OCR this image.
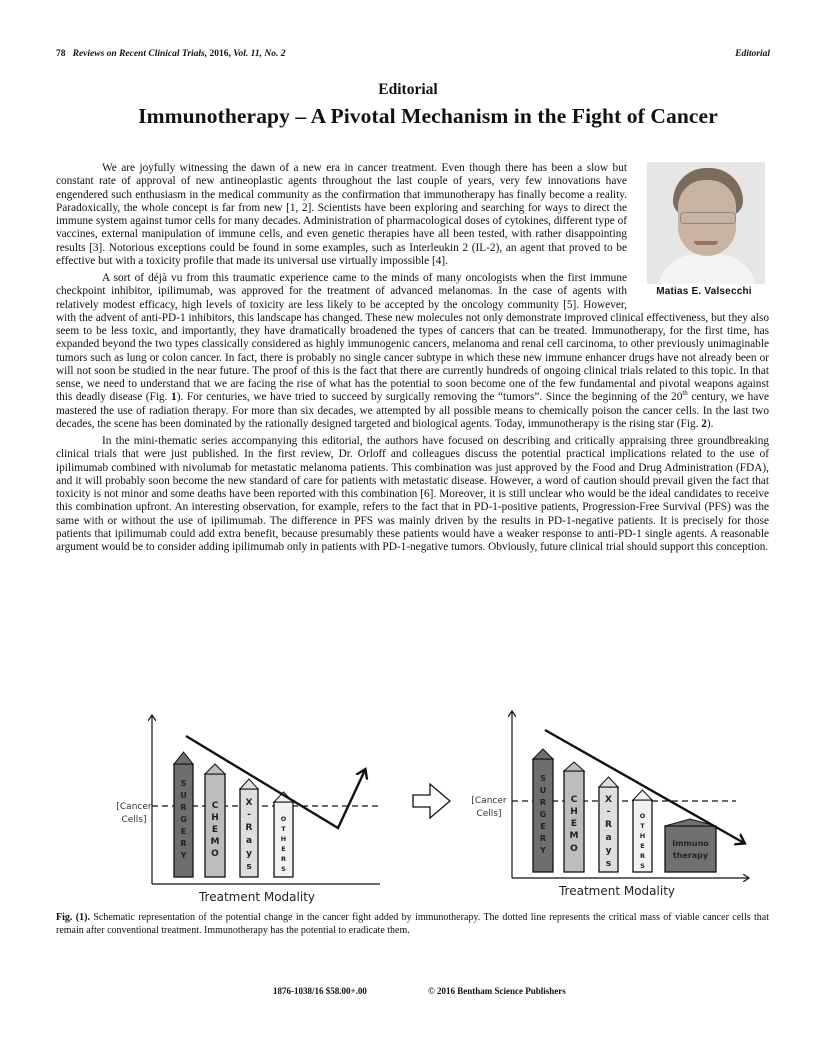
78 Reviews on Recent Clinical Trials, 2016, Vol. 11, No. 2	Editorial
Editorial
Immunotherapy – A Pivotal Mechanism in the Fight of Cancer
Matias E. Valsecchi

We are joyfully witnessing the dawn of a new era in cancer treatment. Even though there has been a slow but constant rate of approval of new antineoplastic agents throughout the last couple of years, very few innovations have engendered such enthusiasm in the medical community as the confirmation that immunotherapy has finally become a reality. Paradoxically, the whole concept is far from new [1, 2]. Scientists have been exploring and searching for ways to direct the immune system against tumor cells for many decades. Administration of pharmacological doses of cytokines, different type of vaccines, external manipulation of immune cells, and even genetic therapies have all been tested, with rather disappointing results [3]. Notorious exceptions could be found in some examples, such as Interleukin 2 (IL-2), an agent that proved to be effective but with a toxicity profile that made its universal use virtually impossible [4].

A sort of déjà vu from this traumatic experience came to the minds of many oncologists when the first immune checkpoint inhibitor, ipilimumab, was approved for the treatment of advanced melanomas. In the case of agents with relatively modest efficacy, high levels of toxicity are less likely to be accepted by the oncology community [5]. However, with the advent of anti-PD-1 inhibitors, this landscape has changed. These new molecules not only demonstrate improved clinical effectiveness, but they also seem to be less toxic, and importantly, they have dramatically broadened the types of cancers that can be treated. Immunotherapy, for the first time, has expanded beyond the two types classically considered as highly immunogenic cancers, melanoma and renal cell carcinoma, to other previously unimaginable tumors such as lung or colon cancer. In fact, there is probably no single cancer subtype in which these new immune enhancer drugs have not already been or will not soon be studied in the near future. The proof of this is the fact that there are currently hundreds of ongoing clinical trials related to this topic. In that sense, we need to understand that we are facing the rise of what has the potential to soon become one of the few fundamental and pivotal weapons against this deadly disease (Fig. 1). For centuries, we have tried to succeed by surgically removing the “tumors”. Since the beginning of the 20th century, we have mastered the use of radiation therapy. For more than six decades, we attempted by all possible means to chemically poison the cancer cells. In the last two decades, the scene has been dominated by the rationally designed targeted and biological agents. Today, immunotherapy is the rising star (Fig. 2).

In the mini-thematic series accompanying this editorial, the authors have focused on describing and critically appraising three groundbreaking clinical trials that were just published. In the first review, Dr. Orloff and colleagues discuss the potential practical implications related to the use of ipilimumab combined with nivolumab for metastatic melanoma patients. This combination was just approved by the Food and Drug Administration (FDA), and it will probably soon become the new standard of care for patients with metastatic disease. However, a word of caution should prevail given the fact that toxicity is not minor and some deaths have been reported with this combination [6]. Moreover, it is still unclear who would be the ideal candidates to receive this combination upfront. An interesting observation, for example, refers to the fact that in PD-1-positive patients, Progression-Free Survival (PFS) was the same with or without the use of ipilimumab. The difference in PFS was mainly driven by the results in PD-1-negative patients. It is precisely for those patients that ipilimumab could add extra benefit, because presumably these patients would have a weaker response to anti-PD-1 single agents. A reasonable argument would be to consider adding ipilimumab only in patients with PD-1-negative tumors. Obviously, future clinical trial should support this conception.

[Cancer
Cells]
S
U
R
G
E
R
Y
C
H
E
M
O
X
-
R
a
y
s
O
T
H
E
R
S
Treatment Modality
[Cancer
Cells]
S
U
R
G
E
R
Y
C
H
E
M
O
X
-
R
a
y
s
O
T
H
E
R
S
Immuno
therapy
Treatment Modality
Fig. (1). Schematic representation of the potential change in the cancer fight added by immunotherapy. The dotted line represents the critical mass of viable cancer cells that remain after conventional treatment. Immunotherapy has the potential to eradicate them.
1876-1038/16 $58.00+.00	© 2016 Bentham Science Publishers
